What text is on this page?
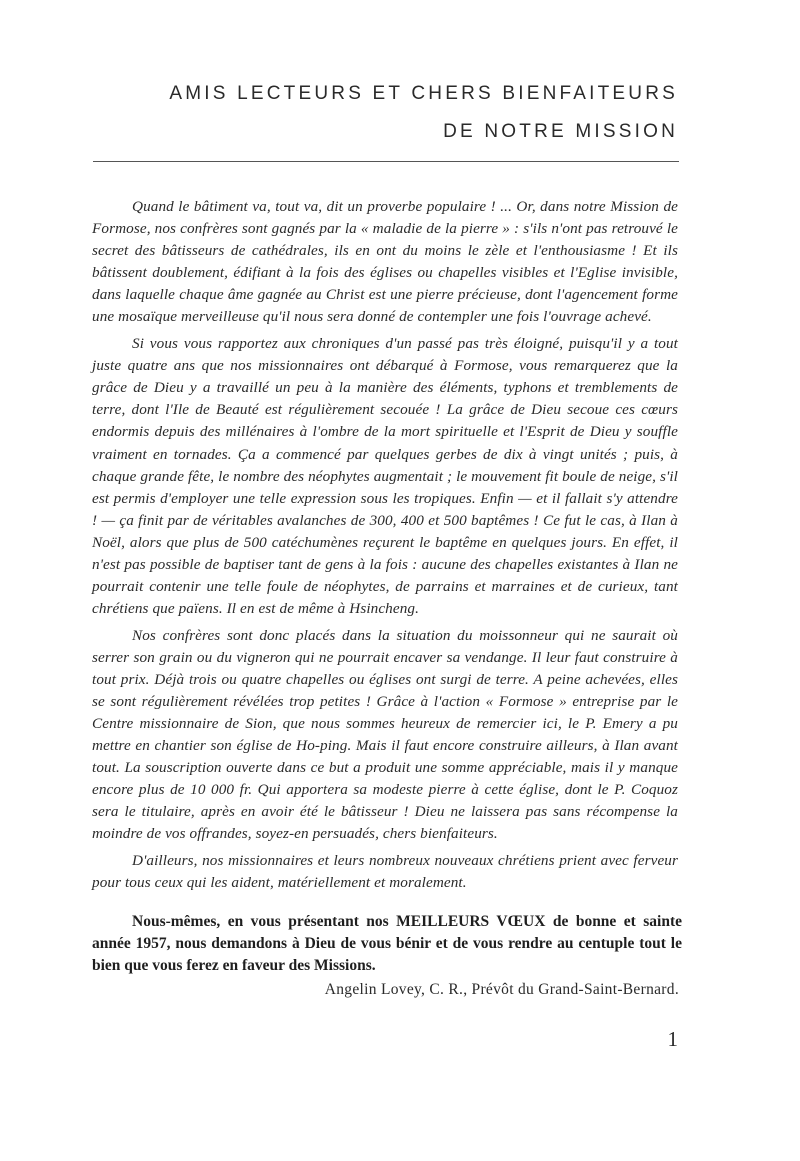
AMIS LECTEURS ET CHERS BIENFAITEURS
DE NOTRE MISSION

Quand le bâtiment va, tout va, dit un proverbe populaire ! ... Or, dans notre Mission de Formose, nos confrères sont gagnés par la « maladie de la pierre » : s'ils n'ont pas retrouvé le secret des bâtisseurs de cathédrales, ils en ont du moins le zèle et l'enthousiasme ! Et ils bâtissent doublement, édifiant à la fois des églises ou chapelles visibles et l'Eglise invisible, dans laquelle chaque âme gagnée au Christ est une pierre précieuse, dont l'agencement forme une mosaïque merveilleuse qu'il nous sera donné de contempler une fois l'ouvrage achevé.

Si vous vous rapportez aux chroniques d'un passé pas très éloigné, puisqu'il y a tout juste quatre ans que nos missionnaires ont débarqué à Formose, vous remarquerez que la grâce de Dieu y a travaillé un peu à la manière des éléments, typhons et tremblements de terre, dont l'Ile de Beauté est régulièrement secouée ! La grâce de Dieu secoue ces cœurs endormis depuis des millénaires à l'ombre de la mort spirituelle et l'Esprit de Dieu y souffle vraiment en tornades. Ça a commencé par quelques gerbes de dix à vingt unités ; puis, à chaque grande fête, le nombre des néophytes augmentait ; le mouvement fit boule de neige, s'il est permis d'employer une telle expression sous les tropiques. Enfin — et il fallait s'y attendre ! — ça finit par de véritables avalanches de 300, 400 et 500 baptêmes ! Ce fut le cas, à Ilan à Noël, alors que plus de 500 catéchumènes reçurent le baptême en quelques jours. En effet, il n'est pas possible de baptiser tant de gens à la fois : aucune des chapelles existantes à Ilan ne pourrait contenir une telle foule de néophytes, de parrains et marraines et de curieux, tant chrétiens que païens. Il en est de même à Hsincheng.

Nos confrères sont donc placés dans la situation du moissonneur qui ne saurait où serrer son grain ou du vigneron qui ne pourrait encaver sa vendange. Il leur faut construire à tout prix. Déjà trois ou quatre chapelles ou églises ont surgi de terre. A peine achevées, elles se sont régulièrement révélées trop petites ! Grâce à l'action « Formose » entreprise par le Centre missionnaire de Sion, que nous sommes heureux de remercier ici, le P. Emery a pu mettre en chantier son église de Ho-ping. Mais il faut encore construire ailleurs, à Ilan avant tout. La souscription ouverte dans ce but a produit une somme appréciable, mais il y manque encore plus de 10 000 fr. Qui apportera sa modeste pierre à cette église, dont le P. Coquoz sera le titulaire, après en avoir été le bâtisseur ! Dieu ne laissera pas sans récompense la moindre de vos offrandes, soyez-en persuadés, chers bienfaiteurs.

D'ailleurs, nos missionnaires et leurs nombreux nouveaux chrétiens prient avec ferveur pour tous ceux qui les aident, matériellement et moralement.

Nous-mêmes, en vous présentant nos MEILLEURS VŒUX de bonne et sainte année 1957, nous demandons à Dieu de vous bénir et de vous rendre au centuple tout le bien que vous ferez en faveur des Missions.

Angelin Lovey, C. R., Prévôt du Grand-Saint-Bernard.
1
